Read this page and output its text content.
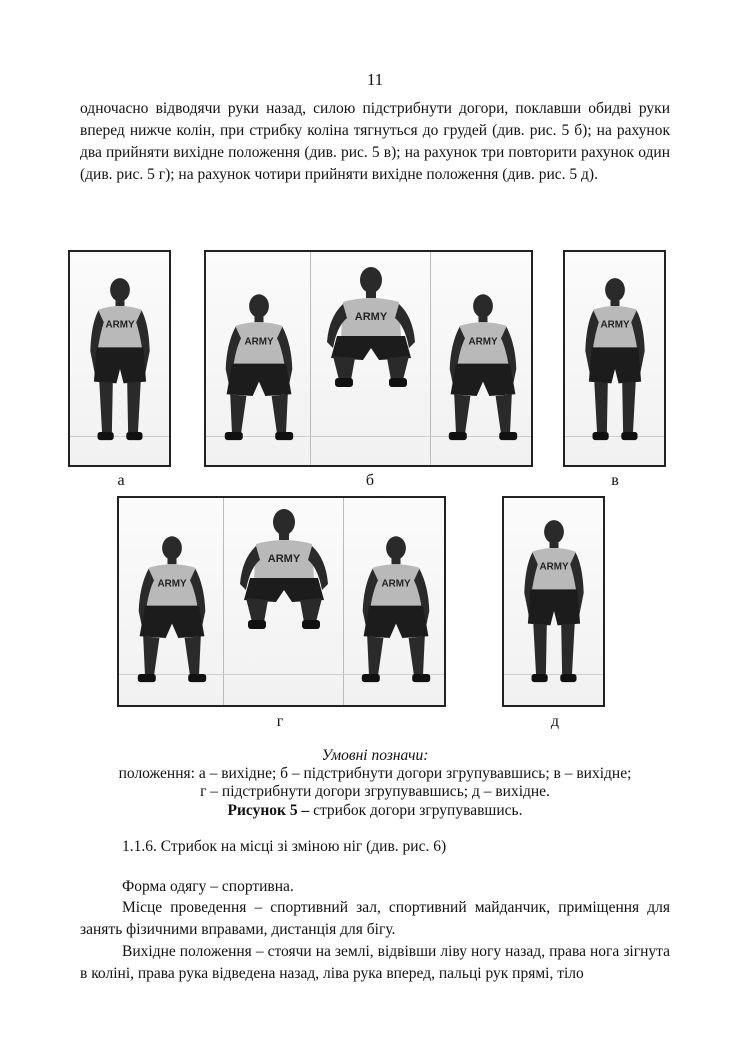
11

одночасно відводячи руки назад, силою підстрибнути догори, поклавши обидві руки вперед нижче колін, при стрибку коліна тягнуться до грудей (див. рис. 5 б); на рахунок два прийняти вихідне положення (див. рис. 5 в); на рахунок три повторити рахунок один (див. рис. 5 г); на рахунок чотири прийняти вихідне положення (див. рис. 5 д).

а	б	в
г	д
Умовні позначи:
положення: а – вихідне; б – підстрибнути догори згрупувавшись; в – вихідне;
г – підстрибнути догори згрупувавшись; д – вихідне.
Рисунок 5 – стрибок догори згрупувавшись.
1.1.6. Стрибок на місці зі зміною ніг (див. рис. 6)
Форма одягу – спортивна.

Місце проведення – спортивний зал, спортивний майданчик, приміщення для занять фізичними вправами, дистанція для бігу.

Вихідне положення – стоячи на землі, відвівши ліву ногу назад, права нога зігнута в коліні, права рука відведена назад, ліва рука вперед, пальці рук прямі, тіло
